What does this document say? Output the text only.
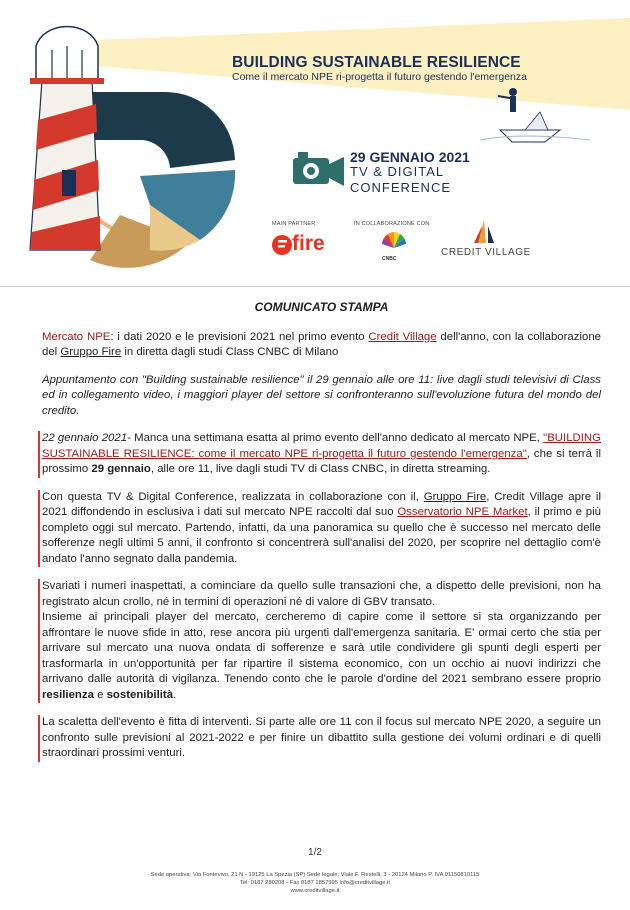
BUILDING SUSTAINABLE RESILIENCE
Come il mercato NPE ri-progetta il futuro gestendo l'emergenza
29 GENNAIO 2021
TV & DIGITAL
CONFERENCE
MAIN PARTNER	IN COLLABORAZIONE CON
fire
CNBC
CREDIT VILLAGE

COMUNICATO STAMPA

Mercato NPE: i dati 2020 e le previsioni 2021 nel primo evento Credit Village dell'anno, con la collaborazione del Gruppo Fire in diretta dagli studi Class CNBC di Milano

Appuntamento con "Building sustainable resilience" il 29 gennaio alle ore 11: live dagli studi televisivi di Class ed in collegamento video, i maggiori player del settore si confronteranno sull'evoluzione futura del mondo del credito.

22 gennaio 2021- Manca una settimana esatta al primo evento dell'anno dedicato al mercato NPE, "BUILDING SUSTAINABLE RESILIENCE: come il mercato NPE ri-progetta il futuro gestendo l'emergenza", che si terrà il prossimo 29 gennaio, alle ore 11, live dagli studi TV di Class CNBC, in diretta streaming.

Con questa TV & Digital Conference, realizzata in collaborazione con il, Gruppo Fire, Credit Village apre il 2021 diffondendo in esclusiva i dati sul mercato NPE raccolti dal suo Osservatorio NPE Market, il primo e più completo oggi sul mercato. Partendo, infatti, da una panoramica su quello che è successo nel mercato delle sofferenze negli ultimi 5 anni, il confronto si concentrerà sull'analisi del 2020, per scoprire nel dettaglio com'è andato l'anno segnato dalla pandemia.

Svariati i numeri inaspettati, a cominciare da quello sulle transazioni che, a dispetto delle previsioni, non ha registrato alcun crollo, né in termini di operazioni né di valore di GBV transato.

Insieme ai principali player del mercato, cercheremo di capire come il settore si sta organizzando per affrontare le nuove sfide in atto, rese ancora più urgenti dall'emergenza sanitaria. E' ormai certo che stia per arrivare sul mercato una nuova ondata di sofferenze e sarà utile condividere gli spunti degli esperti per trasformarla in un'opportunità per far ripartire il sistema economico, con un occhio ai nuovi indirizzi che arrivano dalle autorità di vigilanza. Tenendo conto che le parole d'ordine del 2021 sembrano essere proprio resilienza e sostenibilità.

La scaletta dell'evento è fitta di interventi. Si parte alle ore 11 con il focus sul mercato NPE 2020, a seguire un confronto sulle previsioni al 2021-2022 e per finire un dibattito sulla gestione dei volumi ordinari e di quelli straordinari prossimi venturi.

1/2
Sede operativa: Via Fontevivo, 21 N - 19125 La Spezia (SP) Sede legale: Viale F. Restelli, 3 - 20124 Milano P. IVA 01150810115
Tel: 0187 280208 - Fax 0187 1857995 info@creditvillage.it
www.creditvillage.it
